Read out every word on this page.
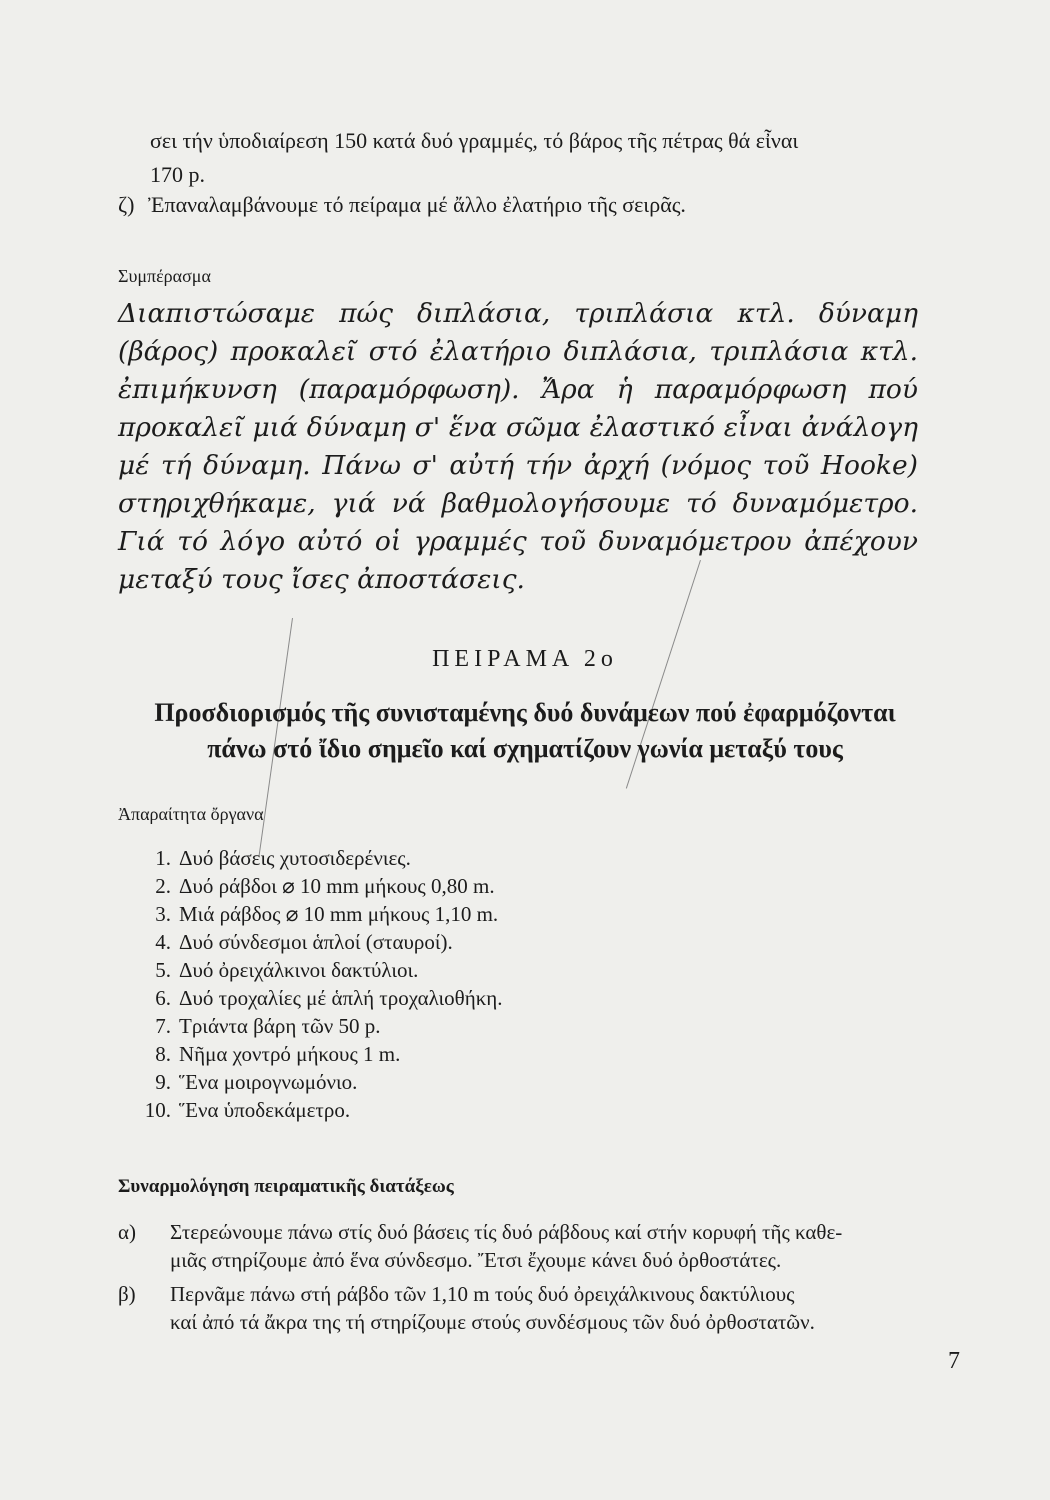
σει τήν ὑποδιαίρεση 150 κατά δυό γραμμές, τό βάρος τῆς πέτρας θά εἶναι
170 p.
ζ) Ἐπαναλαμβάνουμε τό πείραμα μέ ἄλλο ἐλατήριο τῆς σειρᾶς.
Συμπέρασμα
Διαπιστώσαμε πώς διπλάσια, τριπλάσια κτλ. δύναμη (βάρος) προκαλεῖ στό ἐλατήριο διπλάσια, τριπλάσια κτλ. ἐπιμήκυνση (παραμόρφωση). Ἄρα ἡ παραμόρφωση πού προκαλεῖ μιά δύναμη σ' ἕνα σῶμα ἐλαστικό εἶναι ἀνάλογη μέ τή δύναμη. Πάνω σ' αὐτή τήν ἀρχή (νόμος τοῦ Hooke) στηριχθήκαμε, γιά νά βαθμολογήσουμε τό δυναμόμετρο. Γιά τό λόγο αὐτό οἱ γραμμές τοῦ δυναμόμετρου ἀπέχουν μεταξύ τους ἴσες ἀποστάσεις.
ΠΕΙΡΑΜΑ 2ο
Προσδιορισμός τῆς συνισταμένης δυό δυνάμεων πού ἐφαρμόζονται
πάνω στό ἴδιο σημεῖο καί σχηματίζουν γωνία μεταξύ τους
Ἀπαραίτητα ὄργανα
1. Δυό βάσεις χυτοσιδερένιες.
2. Δυό ράβδοι ⌀ 10 mm μήκους 0,80 m.
3. Μιά ράβδος ⌀ 10 mm μήκους 1,10 m.
4. Δυό σύνδεσμοι ἁπλοί (σταυροί).
5. Δυό ὀρειχάλκινοι δακτύλιοι.
6. Δυό τροχαλίες μέ ἁπλή τροχαλιοθήκη.
7. Τριάντα βάρη τῶν 50 p.
8. Νῆμα χοντρό μήκους 1 m.
9. Ἕνα μοιρογνωμόνιο.
10. Ἕνα ὑποδεκάμετρο.
Συναρμολόγηση πειραματικῆς διατάξεως
α) Στερεώνουμε πάνω στίς δυό βάσεις τίς δυό ράβδους καί στήν κορυφή τῆς καθε-
μιᾶς στηρίζουμε ἀπό ἕνα σύνδεσμο. Ἔτσι ἔχουμε κάνει δυό ὀρθοστάτες.
β) Περνᾶμε πάνω στή ράβδο τῶν 1,10 m τούς δυό ὀρειχάλκινους δακτύλιους
καί ἀπό τά ἄκρα της τή στηρίζουμε στούς συνδέσμους τῶν δυό ὀρθοστατῶν.
7
